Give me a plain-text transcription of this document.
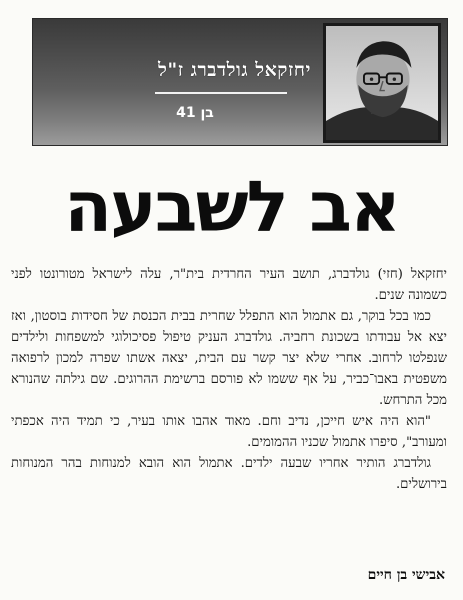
יחזקאל גולדברג ז"ל
בן 41
אב לשבעה

יחזקאל (חזי) גולדברג, תושב העיר החרדית בית"ר, עלה לישראל מטורונטו לפני כשמונה שנים.

כמו בכל בוקר, גם אתמול הוא התפלל שחרית בבית הכנסת של חסידות בוסטון, ואז יצא אל עבודתו בשכונת רחביה. גולדברג העניק טיפול פסיכולוגי למשפחות ולילדים שנפלטו לרחוב. אחרי שלא יצר קשר עם הבית, יצאה אשתו שפרה למכון לרפואה משפטית באבו־כביר, על אף ששמו לא פורסם ברשימת ההרוגים. שם גילתה שהנורא מכל התרחש.

"הוא היה איש חייכן, נדיב וחם. מאוד אהבו אותו בעיר, כי תמיד היה אכפתי ומעורב", סיפרו אתמול שכניו ההמומים.

גולדברג הותיר אחריו שבעה ילדים. אתמול הוא הובא למנוחות בהר המנוחות בירושלים.

אבישי בן חיים
